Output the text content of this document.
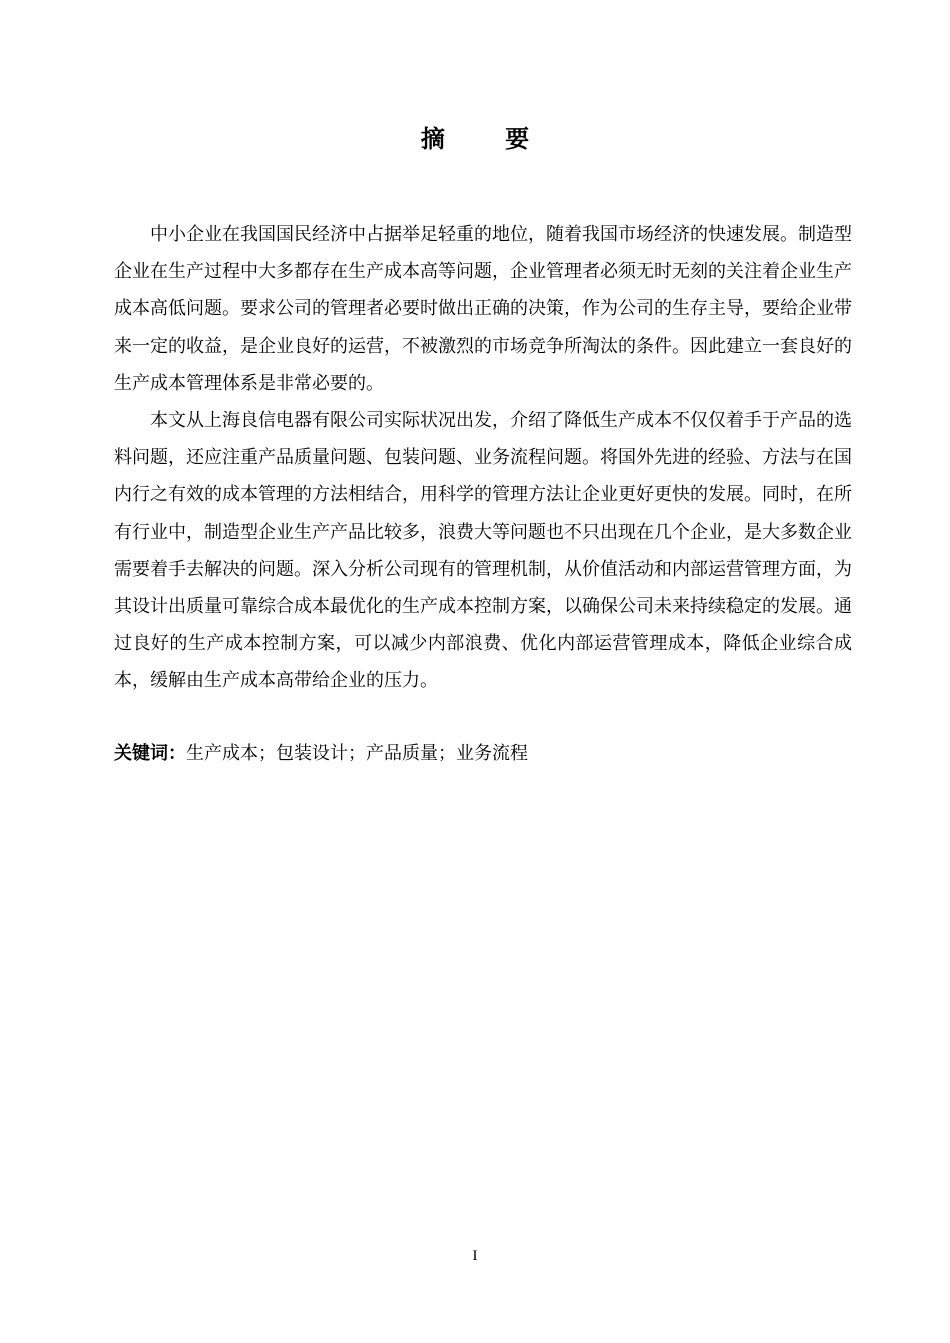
摘 要

中小企业在我国国民经济中占据举足轻重的地位，随着我国市场经济的快速发展。制造型企业在生产过程中大多都存在生产成本高等问题，企业管理者必须无时无刻的关注着企业生产成本高低问题。要求公司的管理者必要时做出正确的决策，作为公司的生存主导，要给企业带来一定的收益，是企业良好的运营，不被激烈的市场竞争所淘汰的条件。因此建立一套良好的生产成本管理体系是非常必要的。

本文从上海良信电器有限公司实际状况出发，介绍了降低生产成本不仅仅着手于产品的选料问题，还应注重产品质量问题、包装问题、业务流程问题。将国外先进的经验、方法与在国内行之有效的成本管理的方法相结合，用科学的管理方法让企业更好更快的发展。同时，在所有行业中，制造型企业生产产品比较多，浪费大等问题也不只出现在几个企业，是大多数企业需要着手去解决的问题。深入分析公司现有的管理机制，从价值活动和内部运营管理方面，为其设计出质量可靠综合成本最优化的生产成本控制方案，以确保公司未来持续稳定的发展。通过良好的生产成本控制方案，可以减少内部浪费、优化内部运营管理成本，降低企业综合成本，缓解由生产成本高带给企业的压力。

关键词：生产成本；包装设计；产品质量；业务流程
I
